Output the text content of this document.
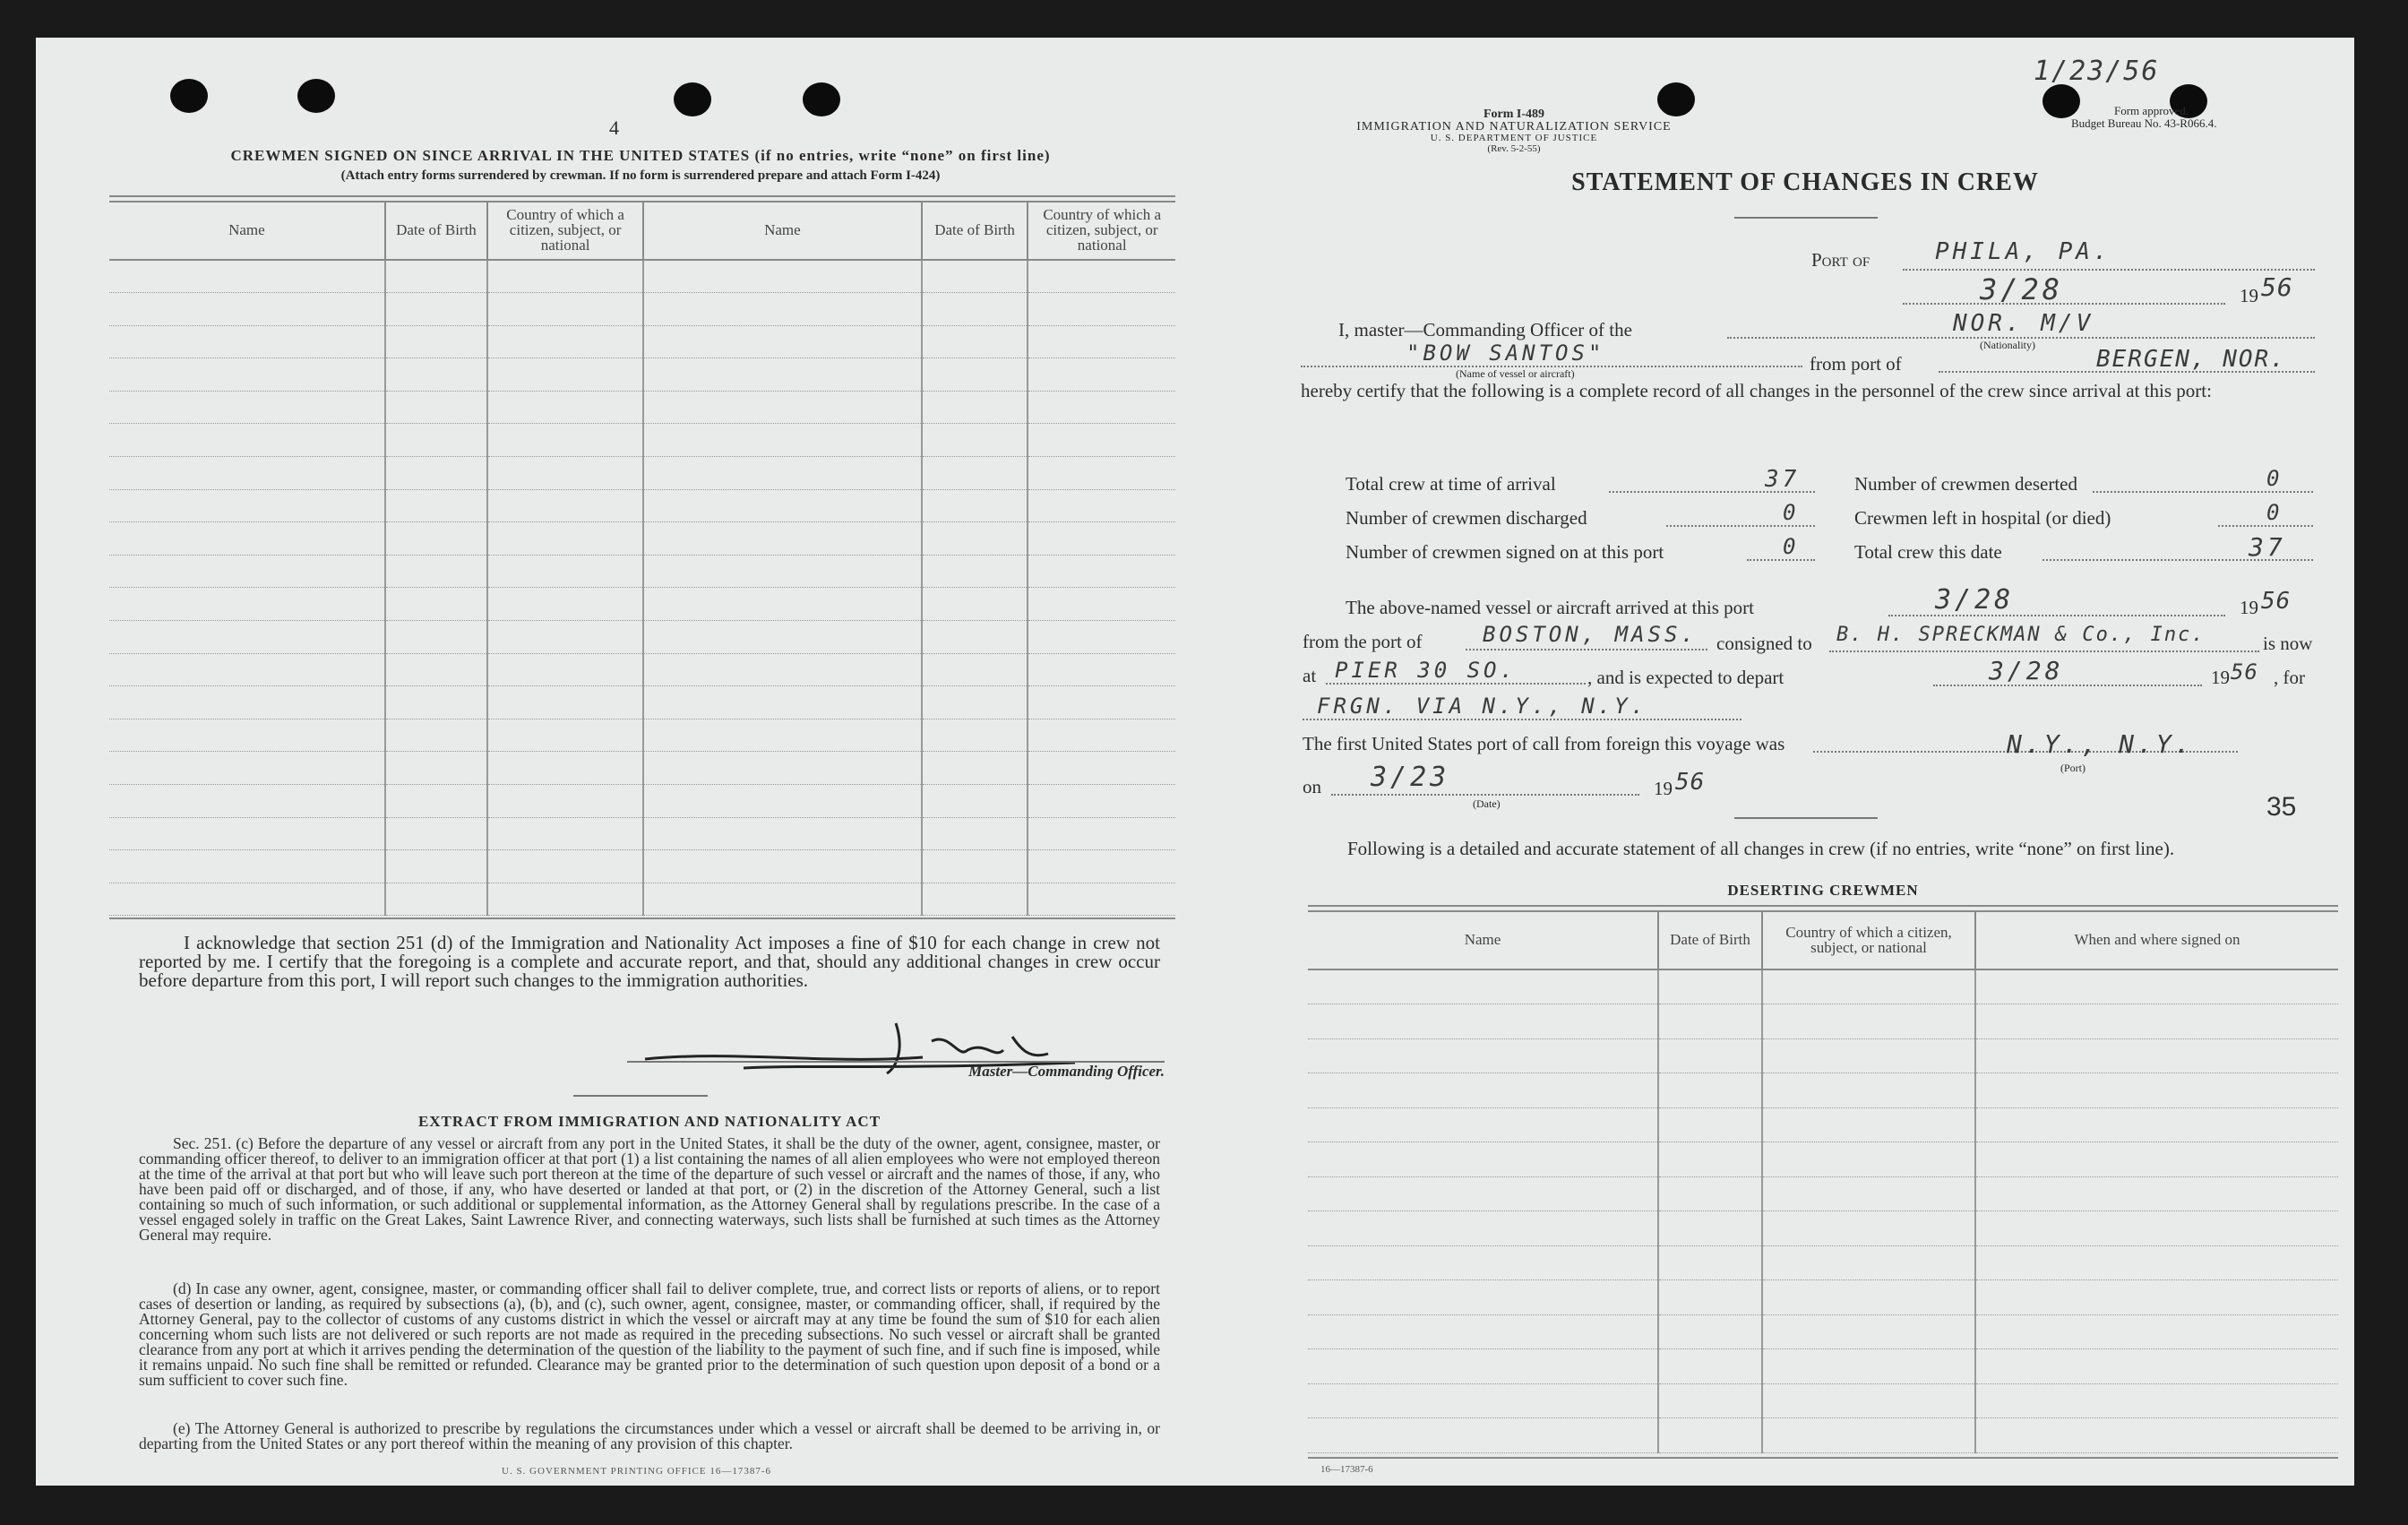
4
CREWMEN SIGNED ON SINCE ARRIVAL IN THE UNITED STATES (if no entries, write “none” on first line)
(Attach entry forms surrendered by crewman. If no form is surrendered prepare and attach Form I-424)
Name	Date of Birth	Country of which a citizen, subject, or national	Name	Date of Birth	Country of which a citizen, subject, or national

I acknowledge that section 251 (d) of the Immigration and Nationality Act imposes a fine of $10 for each change in crew not reported by me. I certify that the foregoing is a complete and accurate report, and that, should any additional changes in crew occur before departure from this port, I will report such changes to the immigration authorities.
Master—Commanding Officer.
EXTRACT FROM IMMIGRATION AND NATIONALITY ACT
Sec. 251. (c) Before the departure of any vessel or aircraft from any port in the United States, it shall be the duty of the owner, agent, consignee, master, or commanding officer thereof, to deliver to an immigration officer at that port (1) a list containing the names of all alien employees who were not employed thereon at the time of the arrival at that port but who will leave such port thereon at the time of the departure of such vessel or aircraft and the names of those, if any, who have been paid off or discharged, and of those, if any, who have deserted or landed at that port, or (2) in the discretion of the Attorney General, such a list containing so much of such information, or such additional or supplemental information, as the Attorney General shall by regulations prescribe. In the case of a vessel engaged solely in traffic on the Great Lakes, Saint Lawrence River, and connecting waterways, such lists shall be furnished at such times as the Attorney General may require.
(d) In case any owner, agent, consignee, master, or commanding officer shall fail to deliver complete, true, and correct lists or reports of aliens, or to report cases of desertion or landing, as required by subsections (a), (b), and (c), such owner, agent, consignee, master, or commanding officer, shall, if required by the Attorney General, pay to the collector of customs of any customs district in which the vessel or aircraft may at any time be found the sum of $10 for each alien concerning whom such lists are not delivered or such reports are not made as required in the preceding subsections. No such vessel or aircraft shall be granted clearance from any port at which it arrives pending the determination of the question of the liability to the payment of such fine, and if such fine is imposed, while it remains unpaid. No such fine shall be remitted or refunded. Clearance may be granted prior to the determination of such question upon deposit of a bond or a sum sufficient to cover such fine.
(e) The Attorney General is authorized to prescribe by regulations the circumstances under which a vessel or aircraft shall be deemed to be arriving in, or departing from the United States or any port thereof within the meaning of any provision of this chapter.
U. S. GOVERNMENT PRINTING OFFICE 16—17387-6
1/23/56
Form I-489
IMMIGRATION AND NATURALIZATION SERVICE
U. S. DEPARTMENT OF JUSTICE
(Rev. 5-2-55)
Form approved.
Budget Bureau No. 43-R066.4.
STATEMENT OF CHANGES IN CREW
Port of	PHILA, PA.
3/28	19 56
I, master—Commanding Officer of the	NOR. M/V
(Nationality)
"BOW SANTOS"
(Name of vessel or aircraft)	from port of	BERGEN, NOR.
hereby certify that the following is a complete record of all changes in the personnel of the crew since arrival at this port:
Total crew at time of arrival	37
Number of crewmen discharged	0
Number of crewmen signed on at this port	0
Number of crewmen deserted	0
Crewmen left in hospital (or died)	0
Total crew this date	37
The above-named vessel or aircraft arrived at this port	3/28	19 56
from the port of	BOSTON, MASS. consigned to B. H. SPRECKMAN & Co., Inc.	is now
at PIER 30 SO.	, and is expected to depart	3/28	19 56 , for
FRGN. VIA N.Y., N.Y.
The first United States port of call from foreign this voyage was	N.Y., N.Y.
(Port)
on 3/23
(Date)
19 56
35
Following is a detailed and accurate statement of all changes in crew (if no entries, write “none” on first line).
DESERTING CREWMEN
Name	Date of Birth	Country of which a citizen, subject, or national	When and where signed on

16—17387-6
